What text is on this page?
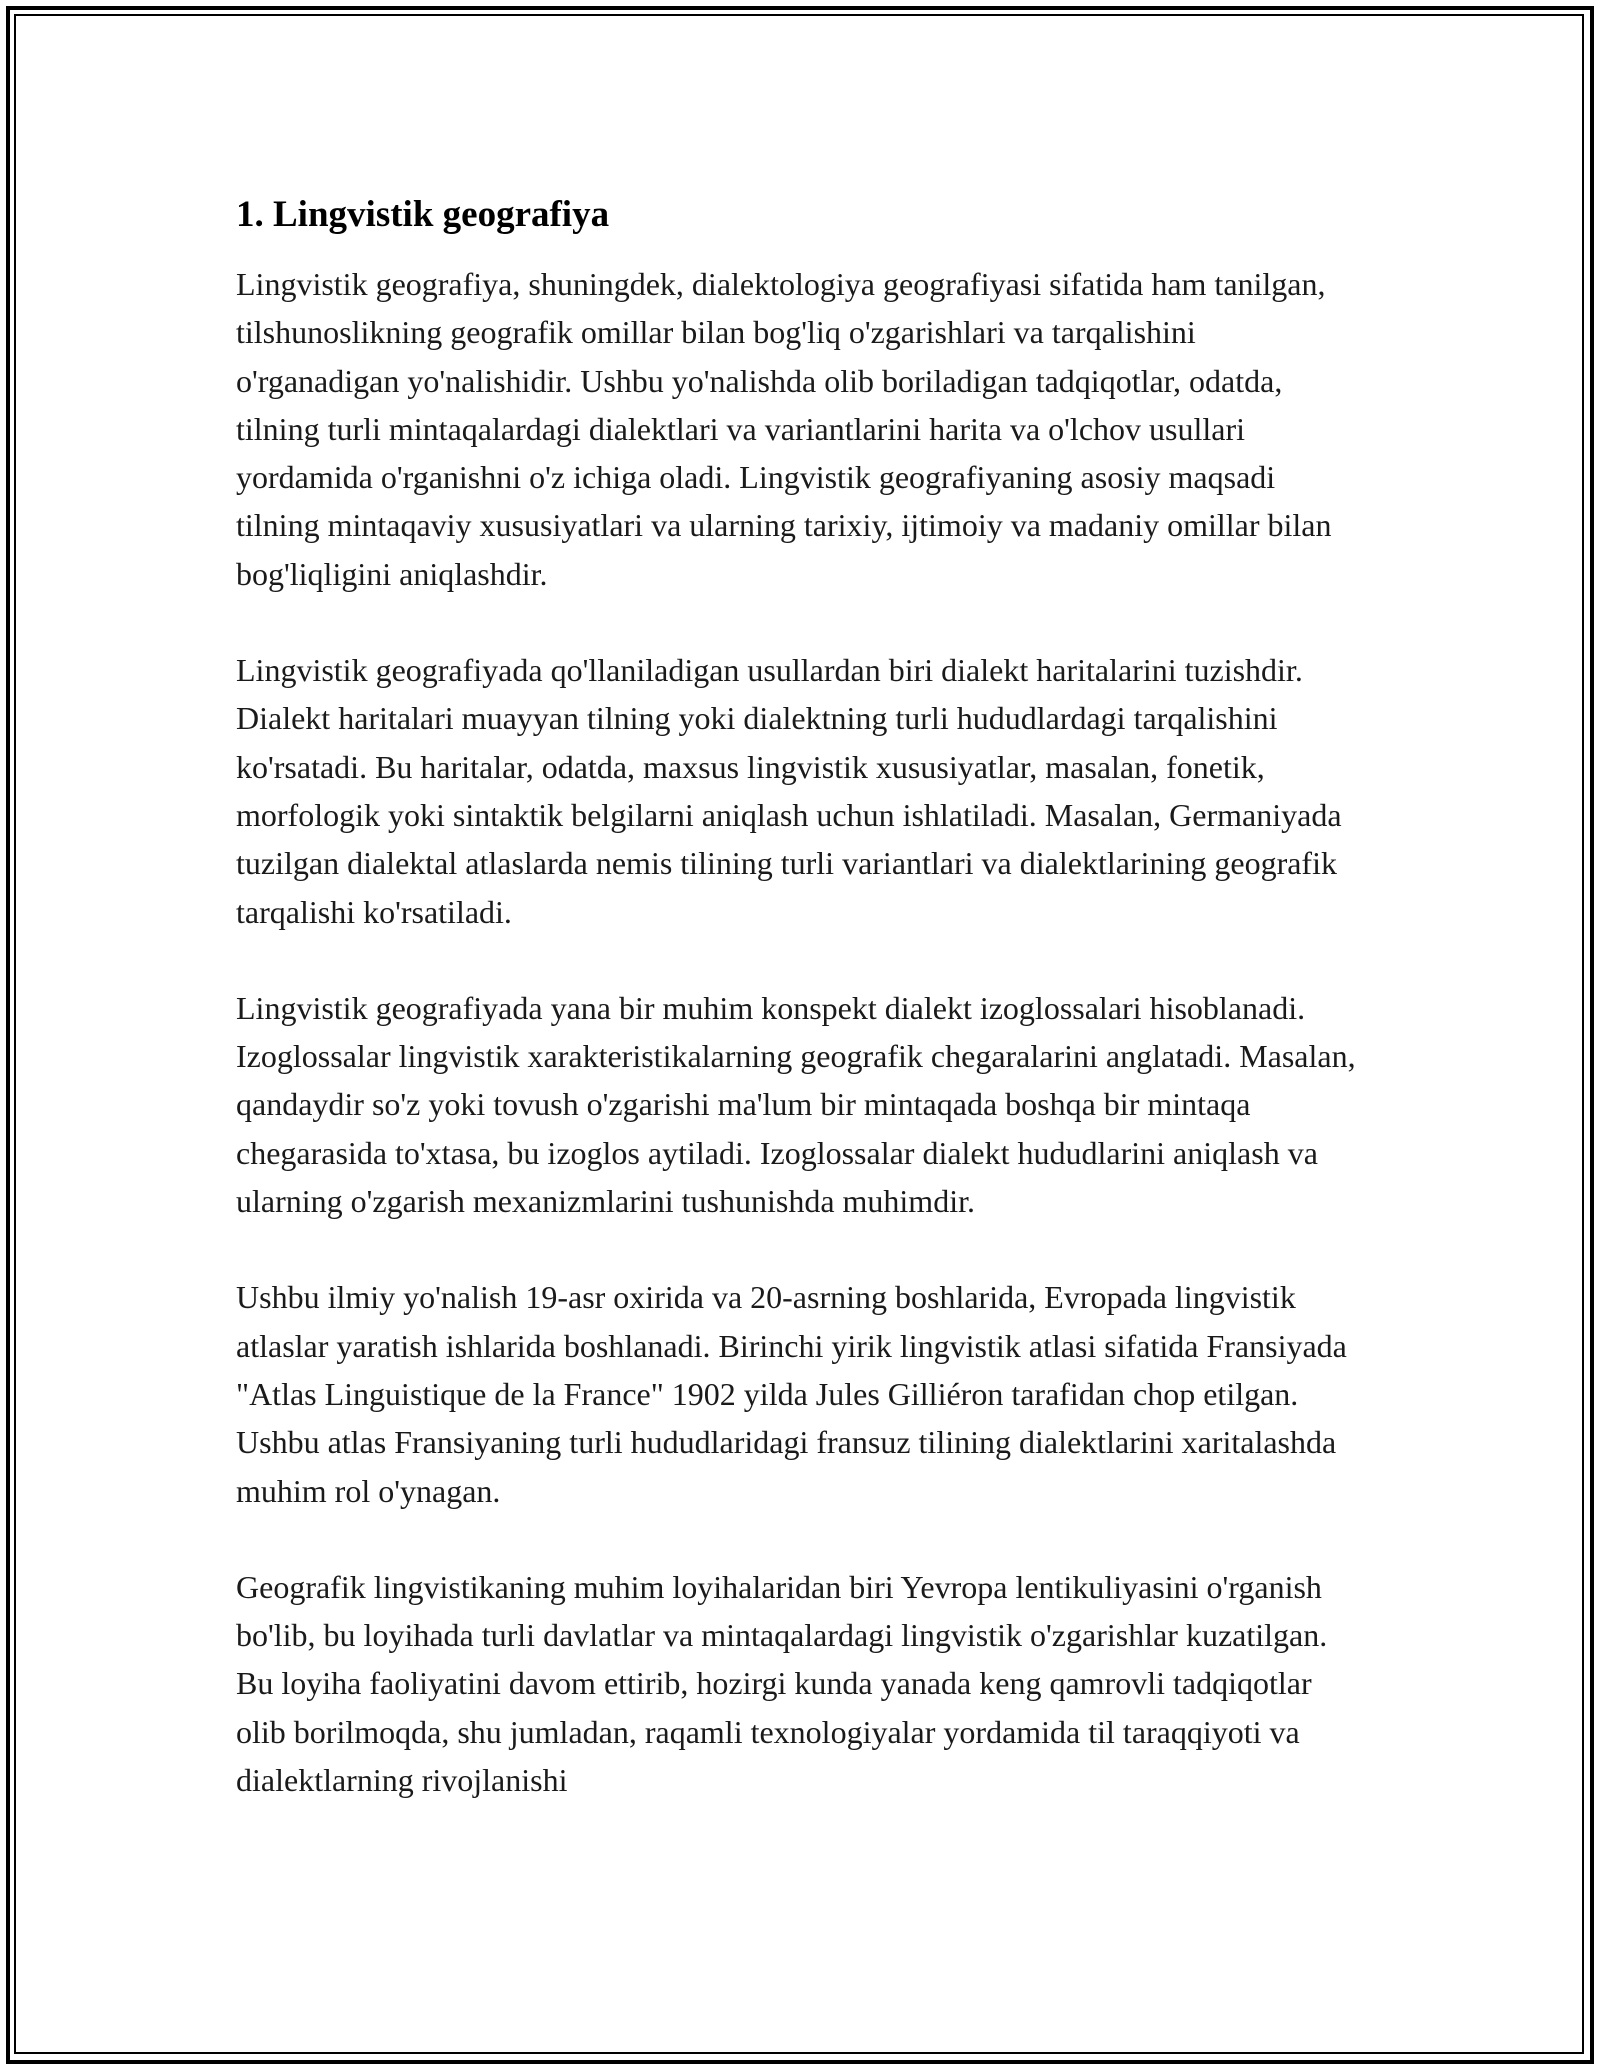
1. Lingvistik geografiya

Lingvistik geografiya, shuningdek, dialektologiya geografiyasi sifatida ham tanilgan, tilshunoslikning geografik omillar bilan bog'liq o'zgarishlari va tarqalishini o'rganadigan yo'nalishidir. Ushbu yo'nalishda olib boriladigan tadqiqotlar, odatda, tilning turli mintaqalardagi dialektlari va variantlarini harita va o'lchov usullari yordamida o'rganishni o'z ichiga oladi. Lingvistik geografiyaning asosiy maqsadi tilning mintaqaviy xususiyatlari va ularning tarixiy, ijtimoiy va madaniy omillar bilan bog'liqligini aniqlashdir.

Lingvistik geografiyada qo'llaniladigan usullardan biri dialekt haritalarini tuzishdir. Dialekt haritalari muayyan tilning yoki dialektning turli hududlardagi tarqalishini ko'rsatadi. Bu haritalar, odatda, maxsus lingvistik xususiyatlar, masalan, fonetik, morfologik yoki sintaktik belgilarni aniqlash uchun ishlatiladi. Masalan, Germaniyada tuzilgan dialektal atlaslarda nemis tilining turli variantlari va dialektlarining geografik tarqalishi ko'rsatiladi.

Lingvistik geografiyada yana bir muhim konspekt dialekt izoglossalari hisoblanadi. Izoglossalar lingvistik xarakteristikalarning geografik chegaralarini anglatadi. Masalan, qandaydir so'z yoki tovush o'zgarishi ma'lum bir mintaqada boshqa bir mintaqa chegarasida to'xtasa, bu izoglos aytiladi. Izoglossalar dialekt hududlarini aniqlash va ularning o'zgarish mexanizmlarini tushunishda muhimdir.

Ushbu ilmiy yo'nalish 19-asr oxirida va 20-asrning boshlarida, Evropada lingvistik atlaslar yaratish ishlarida boshlanadi. Birinchi yirik lingvistik atlasi sifatida Fransiyada "Atlas Linguistique de la France" 1902 yilda Jules Gilliéron tarafidan chop etilgan. Ushbu atlas Fransiyaning turli hududlaridagi fransuz tilining dialektlarini xaritalashda muhim rol o'ynagan.

Geografik lingvistikaning muhim loyihalaridan biri Yevropa lentikuliyasini o'rganish bo'lib, bu loyihada turli davlatlar va mintaqalardagi lingvistik o'zgarishlar kuzatilgan. Bu loyiha faoliyatini davom ettirib, hozirgi kunda yanada keng qamrovli tadqiqotlar olib borilmoqda, shu jumladan, raqamli texnologiyalar yordamida til taraqqiyoti va dialektlarning rivojlanishi
